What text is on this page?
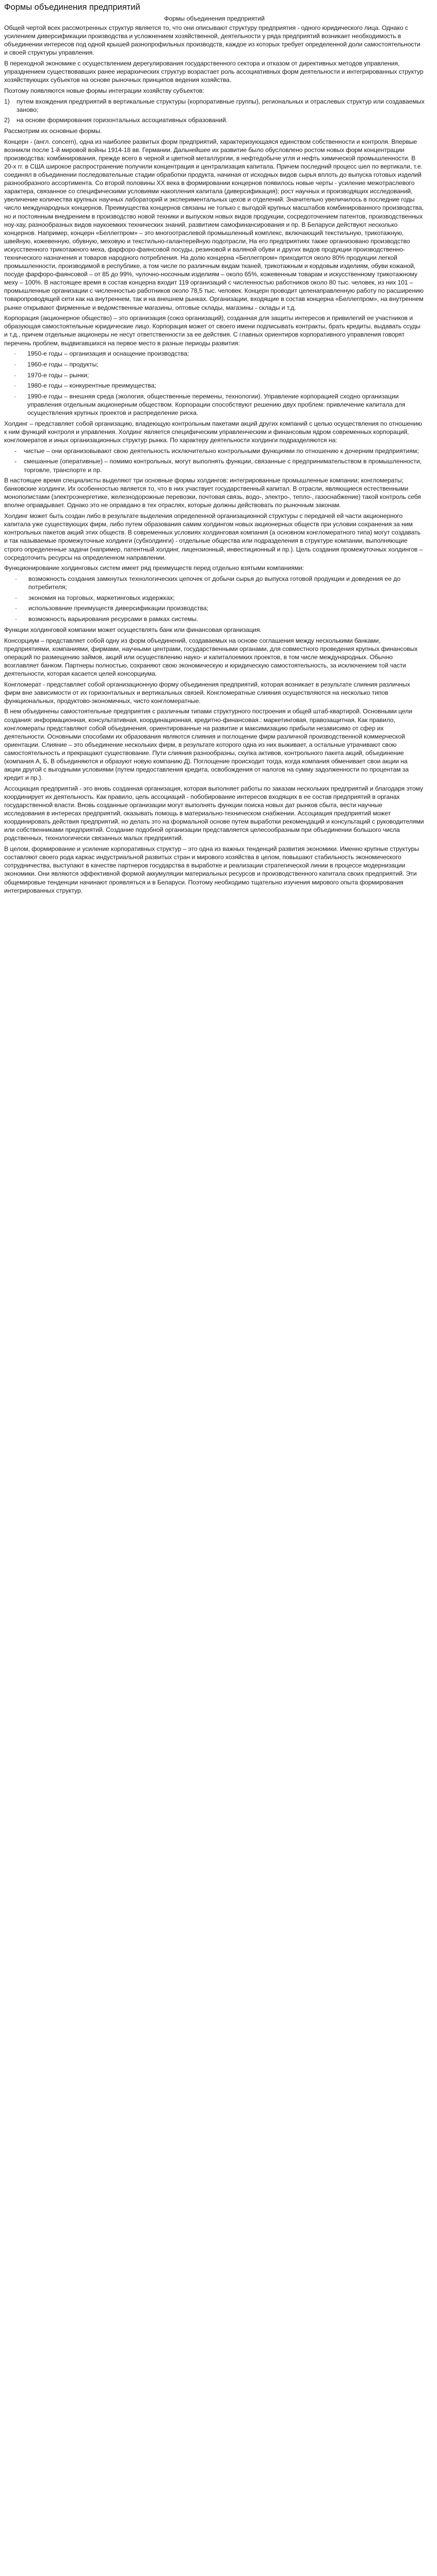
Формы объединения предприятий
Формы объединения предприятий

Общей чертой всех рассмотренных структур является то, что они описывают структуру предприятия - одного юридического лица. Однако с усилением диверсификации производства и усложнением хозяйственной, деятельности у ряда предприятий возникает необходимость в объединении интересов под одной крышей разнопрофильных производств, каждое из которых требует определенной доли самостоятельности и своей структуры управления.

В переходной экономике с осуществлением дерегулирования государственного сектора и отказом от директивных методов управления, упразднением существовавших ранее иерархических структур возрастает роль ассоциативных форм деятельности и интегрированных структур хозяйствующих субъектов на основе рыночных принципов ведения хозяйства.

Поэтому появляются новые формы интеграции хозяйству субъектов:

1)	путем вхождения предприятий в вертикальные структуры (корпоративные группы), региональных и отраслевых структур или создаваемых заново;
2)	на основе формирования горизонтальных ассоциативных образований.

Рассмотрим их основные формы.

Концерн - (англ. concern), одна из наиболее развитых форм предприятий, характеризующаяся единством собственности и контроля. Впервые возникли после 1-й мировой войны 1914-18 вв. Германии. Дальнейшее их развитие было обусловлено ростом новых форм концентрации производства: комбинирования, прежде всего в черной и цветной металлургии, в нефтедобыче угля и нефть химической промышленности. В 20-х гг. в США широкое распространение получили концентрация и централизация капитала. Причем последний процесс шел по вертикали, т.е. соединял в объединении последовательные стадии обработки продукта, начиная от исходных видов сырья вплоть до выпуска готовых изделий разнообразного ассортимента. Со второй половины XX века в формировании концернов появилось новые черты - усиление межотраслевого характера, связанное со специфическими условиями накопления капитала (диверсификация); рост научных и производящих исследований, увеличение количества крупных научных лабораторий и экспериментальных цехов и отделений. Значительно увеличилось в последние годы число международных концернов. Преимущества концернов связаны не только с выгодой крупных масштабов комбинированного производства, но и постоянным внедрением в производство новой техники и выпуском новых видов продукции, сосредоточением патентов, производственных ноу-хау, разнообразных видов наукоемких технических знаний, развитием самофинансирования и пр. В Беларуси действуют несколько концернов. Например, концерн «Беллегпром» – это многоотраслевой промышленный комплекс, включающий текстильную, трикотажную, швейную, кожевенную, обувную, меховую и текстильно-галантерейную подотрасли, На его предприятиях также организовано производство искусственного трикотажного меха, фарфоро-фаянсовой посуды, резиновой и валяной обуви и других видов продукции производственно-технического назначения и товаров народного потребления. На долю концерна «Беллегпром» приходится около 80% продукции легкой промышленности, производимой в республике, а том числе по различным видам тканей, трикотажным и кордовым изделиям, обуви кожаной, посуде фарфоро-фаянсовой – от 85 до 99%, чулочно-носочным изделиям – около 65%, кожевенным товарам и искусственному трикотажному меху – 100%. В настоящее время в состав концерна входит 119 организаций с численностью работников около 80 тыс. человек, из них 101 – промышленные организации с численностью работников около 78,5 тыс. человек. Концерн проводит целенаправленную работу по расширению товаропроводящей сети как на внутреннем, так и на внешнем рынках. Организации, входящие в состав концерна «Беллегпром», на внутреннем рынке открывают фирменные и ведомственные магазины, оптовые склады, магазины - склады и т.д.

Корпорация (акционерное общество) – это организация (союз организаций), созданная для защиты интересов и привилегий ее участников и образующая самостоятельные юридические лицо. Корпорация может от своего имени подписывать контракты, брать кредиты, выдавать ссуды и т.д., причем отдельные акционеры не несут ответственности за ее действия. С главных ориентиров корпоративного управления говорят перечень проблем, выдвигавшихся на первое место в разные периоды развития:

·	1950-е годы – организация и оснащение производства;
·	1960-е годы – продукты;
·	1970-е годы – рынки;
·	1980-е годы – конкурентные преимущества;
·	1990-е годы – внешняя среда (экология, общественные перемены, технологии). Управление корпорацией сходно организации управления отдельным акционерным обществом. Корпорации способствуют решению двух проблем: привлечение капитала для осуществления крупных проектов и распределение риска.

Холдинг – представляет собой организацию, владеющую контрольным пакетами акций других компаний с целью осуществления по отношению к ним функций контроля и управления. Холдинг является специфическим управленческим и финансовым ядром современных корпораций, конгломератов и иных организационных структур рынка. По характеру деятельности холдинги подразделяются на:

-	чистые – они организовывают свою деятельность исключительно контрольными функциями по отношению к дочерним предприятиям;
-	смешанные (оперативные) – помимо контрольных, могут выполнять функции, связанные с предпринимательством в промышленности, торговле, транспорте и пр.

В настоящее время специалисты выделяют три основные формы холдингов: интегрированные промышленные компании; конгломераты; банковские холдинги. Их особенностью является то, что в них участвует государственный капитал. В отрасли, являющиеся естественными монополистами (электроэнергетике, железнодорожные перевозки, почтовая связь, водо-, электро-, тепло-, газоснабжение) такой контроль себя вполне оправдывает. Однако это не оправдано в тех отраслях, которые должны действовать по рыночным законам.

Холдинг может быть создан либо в результате выделения определенной организационной структуры с передачей ей части акционерного капитала уже существующих фирм, либо путем образования самим холдингом новых акционерных обществ при условии сохранения за ним контрольных пакетов акций этих обществ. В современных условиях холдинговая компания (а основном конгломератного типа) могут создавать и так называемые промежуточные холдинги (субхолдинги) - отдельные общества или подразделения в структуре компании, выполняющие строго определенные задачи (например, патентный холдинг, лицензионный, инвестиционный и пр.). Цель создания промежуточных холдингов – сосредоточить ресурсы на определенном направлении.

Функционирование холдинговых систем имеет ряд преимуществ перед отдельно взятыми компаниями:

·	возможность создания замкнутых технологических цепочек от добычи сырья до выпуска готовой продукции и доведения ее до потребителя;
·	экономия на торговых, маркетинговых издержках;
·	использование преимуществ диверсификации производства;
·	возможность варьирования ресурсами в рамках системы.

Функции холдинговой компании может осуществлять банк или финансовая организация.

Консорциум – представляет собой одну из форм объединений, создаваемых на основе соглашения между несколькими банками, предприятиями, компаниями, фирмами, научными центрами, государственными органами, для совместного проведения крупных финансовых операций по размещению займов, акций или осуществлению науко- и капиталоемких проектов, в том числе международных. Обычно возглавляет банком. Партнеры полностью, сохраняют свою экономическую и юридическую самостоятельность, за исключением той части деятельности, которая касается целей консорциума.

Конгломерат - представляет собой организационную форму объединения предприятий, которая возникает в результате слияния различных фирм вне зависимости от их горизонтальных и вертикальных связей. Конгломератные слияния осуществляются на несколько типов функциональных, продуктово-экономичных, чисто конгломератные.

В нем объединены самостоятельные предприятия с различным типами структурного построения и общей штаб-квартирой. Основными цели создания: информационная, консультативная, координационная, кредитно-финансовая.: маркетинговая, правозащитная. Как правило, конгломераты представляют собой объединения, ориентированные на развитие и максимизацию прибыли независимо от сфер их деятельности. Основными способами их образования являются слияния и поглощение фирм различной производственной коммерческой ориентации. Слияние – это объединение нескольких фирм, в результате которого одна из них выживает, а остальные утрачивают свою самостоятельность и прекращают существование. Пути слияния разнообразны, скупка активов, контрольного пакета акций, объединение (компания А, Б, В объединяются и образуют новую компанию Д). Поглощение происходит тогда, когда компания обменивает свои акции на акции другой с выгодными условиями (путем предоставления кредита, освобождения от налогов на сумму задолженности по процентам за кредит и пр.).

Ассоциация предприятий - это вновь созданная организация, которая выполняет работы по заказам нескольких предприятий и благодаря этому координирует их деятельность. Как правило, цель ассоциаций - побобирование интересов входящих в ее состав предприятий в органах государственной власти. Вновь созданные организации могут выполнять функции поиска новых дат рынков сбыта, вести научные исследования в интересах предприятий, оказывать помощь в материально-техническом снабжении. Ассоциация предприятий может координировать действия предприятий, но делать это на формальной основе путем выработки рекомендаций и консультаций с руководителями или собственниками предприятий. Создание подобной организации представляется целесообразным при объединении большого числа родственных, технологически связанных малых предприятий.

В целом, формирование и усиление корпоративных структур – это одна из важных тенденций развития экономики. Именно крупные структуры составляют своего рода каркас индустриальной развитых стран и мирового хозяйства в целом, повышают стабильность экономического сотрудничества, выступают в качестве партнеров государства в выработке и реализации стратегической линии в процессе модернизации экономики. Они являются эффективной формой аккумуляции материальных ресурсов и производственного капитала своих предприятий. Эти общемировые тенденции начинают проявляться и в Беларуси. Поэтому необходимо тщательно изучения мирового опыта формирования интегрированных структур.
